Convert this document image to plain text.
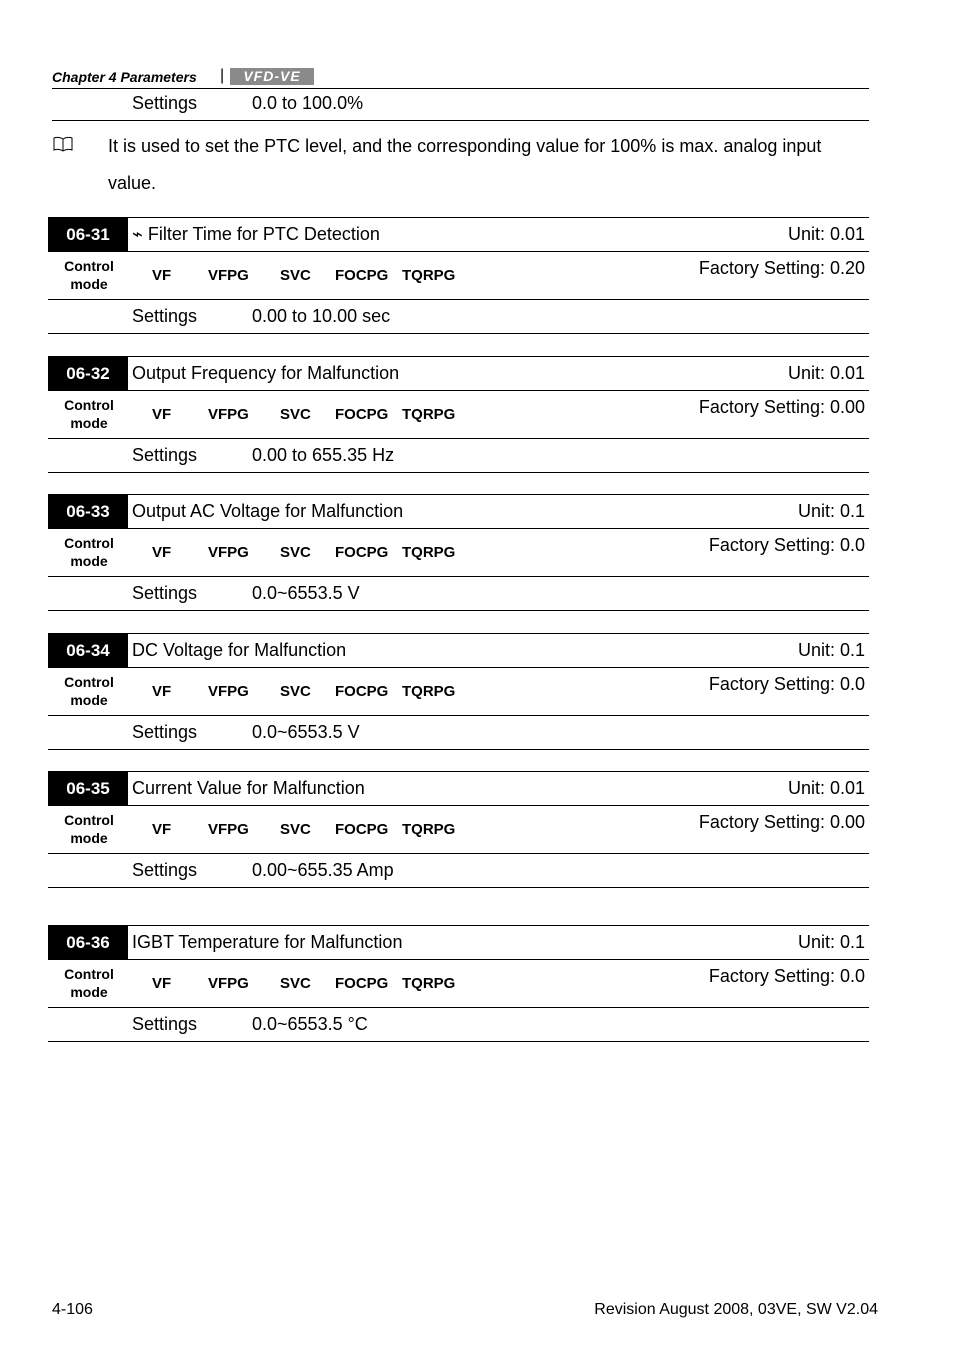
Chapter 4 Parameters |	VFD-VE
Settings	0.0 to 100.0%
It is used to set the PTC level, and the corresponding value for 100% is max. analog input value.
06-31	⌁ Filter Time for PTC Detection	Unit: 0.01
Control
mode	VF VFPG SVC FOCPG TQRPG	Factory Setting: 0.20
Settings	0.00 to 10.00 sec
06-32	Output Frequency for Malfunction	Unit: 0.01
Control
mode	VF VFPG SVC FOCPG TQRPG	Factory Setting: 0.00
Settings	0.00 to 655.35 Hz
06-33	Output AC Voltage for Malfunction	Unit: 0.1
Control
mode	VF VFPG SVC FOCPG TQRPG	Factory Setting: 0.0
Settings	0.0~6553.5 V
06-34	DC Voltage for Malfunction	Unit: 0.1
Control
mode	VF VFPG SVC FOCPG TQRPG	Factory Setting: 0.0
Settings	0.0~6553.5 V
06-35	Current Value for Malfunction	Unit: 0.01
Control
mode	VF VFPG SVC FOCPG TQRPG	Factory Setting: 0.00
Settings	0.00~655.35 Amp
06-36	IGBT Temperature for Malfunction	Unit: 0.1
Control
mode	VF VFPG SVC FOCPG TQRPG	Factory Setting: 0.0
Settings	0.0~6553.5 °C
4-106	Revision August 2008, 03VE, SW V2.04
